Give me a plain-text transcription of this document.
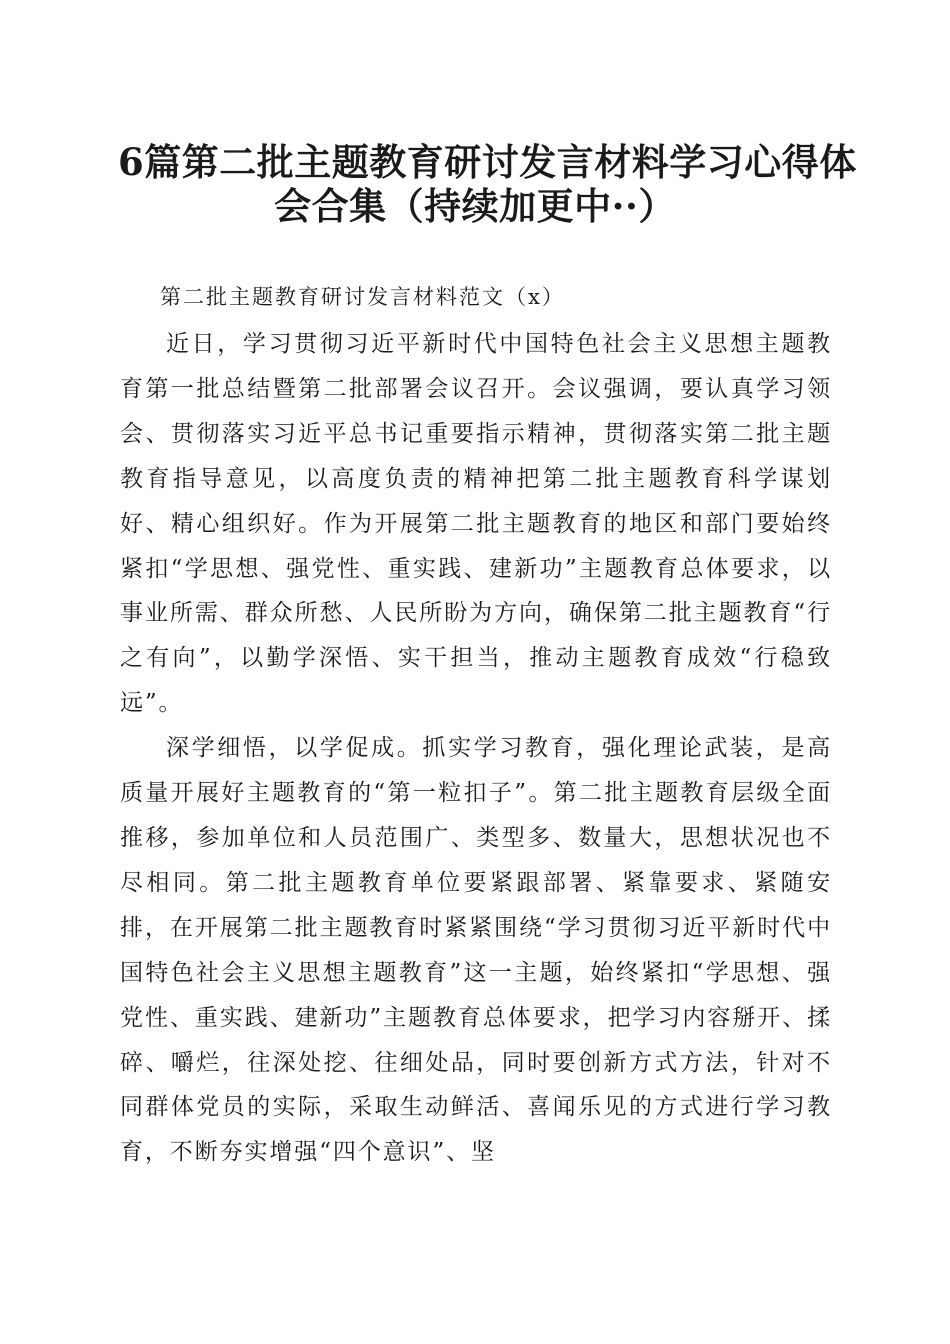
6篇第二批主题教育研讨发言材料学习心得体
会合集（持续加更中··）

第二批主题教育研讨发言材料范文（x）

近日，学习贯彻习近平新时代中国特色社会主义思想主题教育第一批总结暨第二批部署会议召开。会议强调，要认真学习领会、贯彻落实习近平总书记重要指示精神，贯彻落实第二批主题教育指导意见，以高度负责的精神把第二批主题教育科学谋划好、精心组织好。作为开展第二批主题教育的地区和部门要始终紧扣“学思想、强党性、重实践、建新功”主题教育总体要求，以事业所需、群众所愁、人民所盼为方向，确保第二批主题教育“行之有向”，以勤学深悟、实干担当，推动主题教育成效“行稳致远”。

深学细悟，以学促成。抓实学习教育，强化理论武装，是高质量开展好主题教育的“第一粒扣子”。第二批主题教育层级全面推移，参加单位和人员范围广、类型多、数量大，思想状况也不尽相同。第二批主题教育单位要紧跟部署、紧靠要求、紧随安排，在开展第二批主题教育时紧紧围绕“学习贯彻习近平新时代中国特色社会主义思想主题教育”这一主题，始终紧扣“学思想、强党性、重实践、建新功”主题教育总体要求，把学习内容掰开、揉碎、嚼烂，往深处挖、往细处品，同时要创新方式方法，针对不同群体党员的实际，采取生动鲜活、喜闻乐见的方式进行学习教育，不断夯实增强“四个意识”、坚
